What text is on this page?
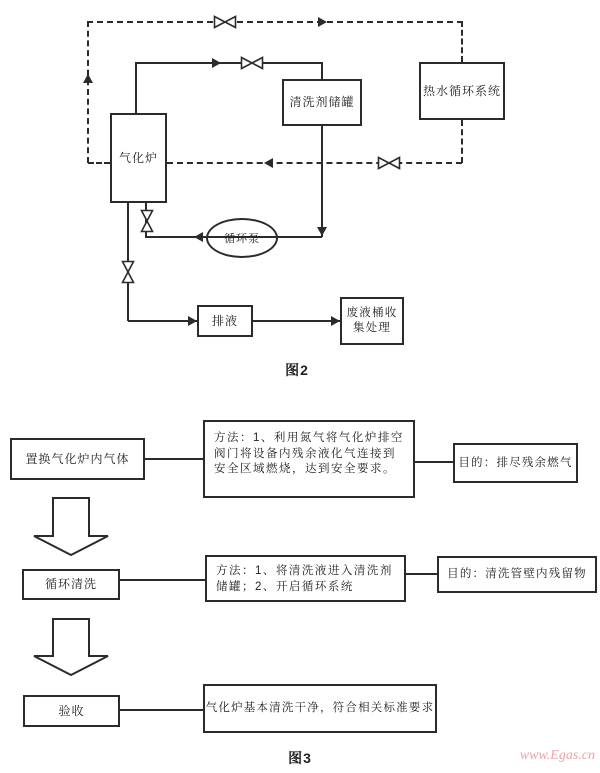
气化炉
清洗剂储罐
热水循环系统
循环泵
排液
废液桶收集处理
图2
置换气化炉内气体
方法：1、利用氮气将气化炉排空阀门将设备内残余液化气连接到安全区域燃烧，达到安全要求。
目的：排尽残余燃气
循环清洗
方法：1、将清洗液进入清洗剂储罐；2、开启循环系统
目的：清洗管壁内残留物
验收	气化炉基本清洗干净，符合相关标准要求
图3	www.Egas.cn
